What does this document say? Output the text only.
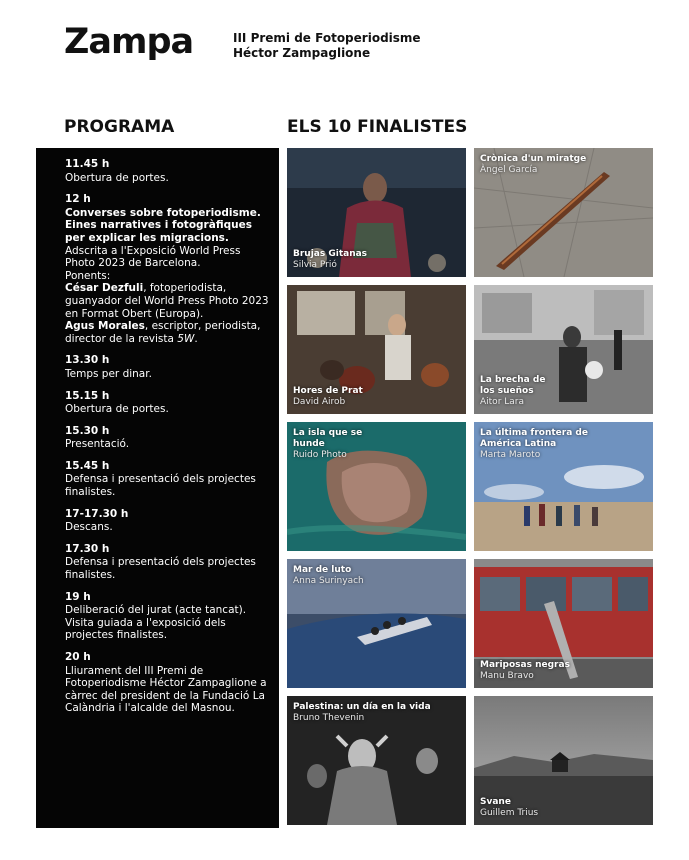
Zampa	III Premi de Fotoperiodisme
Héctor Zampaglione
PROGRAMA	ELS 10 FINALISTES
11.45 h
Obertura de portes.
12 h
Converses sobre fotoperiodisme. Eines narratives i fotogràfiques per explicar les migracions. Adscrita a l'Exposició World Press Photo 2023 de Barcelona.
Ponents:
César Dezfuli, fotoperiodista, guanyador del World Press Photo 2023 en Format Obert (Europa).
Agus Morales, escriptor, periodista, director de la revista 5W.
13.30 h
Temps per dinar.
15.15 h
Obertura de portes.
15.30 h
Presentació.
15.45 h
Defensa i presentació dels projectes finalistes.
17-17.30 h
Descans.
17.30 h
Defensa i presentació dels projectes finalistes.
19 h
Deliberació del jurat (acte tancat). Visita guiada a l'exposició dels projectes finalistes.
20 h
Lliurament del III Premi de Fotoperiodisme Héctor Zampaglione a càrrec del president de la Fundació La Calàndria i l'alcalde del Masnou.
Brujas Gitanas
Silvia Prió
Crònica d'un miratge
Àngel García
Hores de Prat
David Airob
La brecha de los sueños
Aitor Lara
La isla que se hunde
Ruido Photo
La última frontera de América Latina
Marta Maroto
Mar de luto
Anna Surinyach
Mariposas negras
Manu Bravo
Palestina: un día en la vida
Bruno Thevenin
Svane
Guillem Trius
